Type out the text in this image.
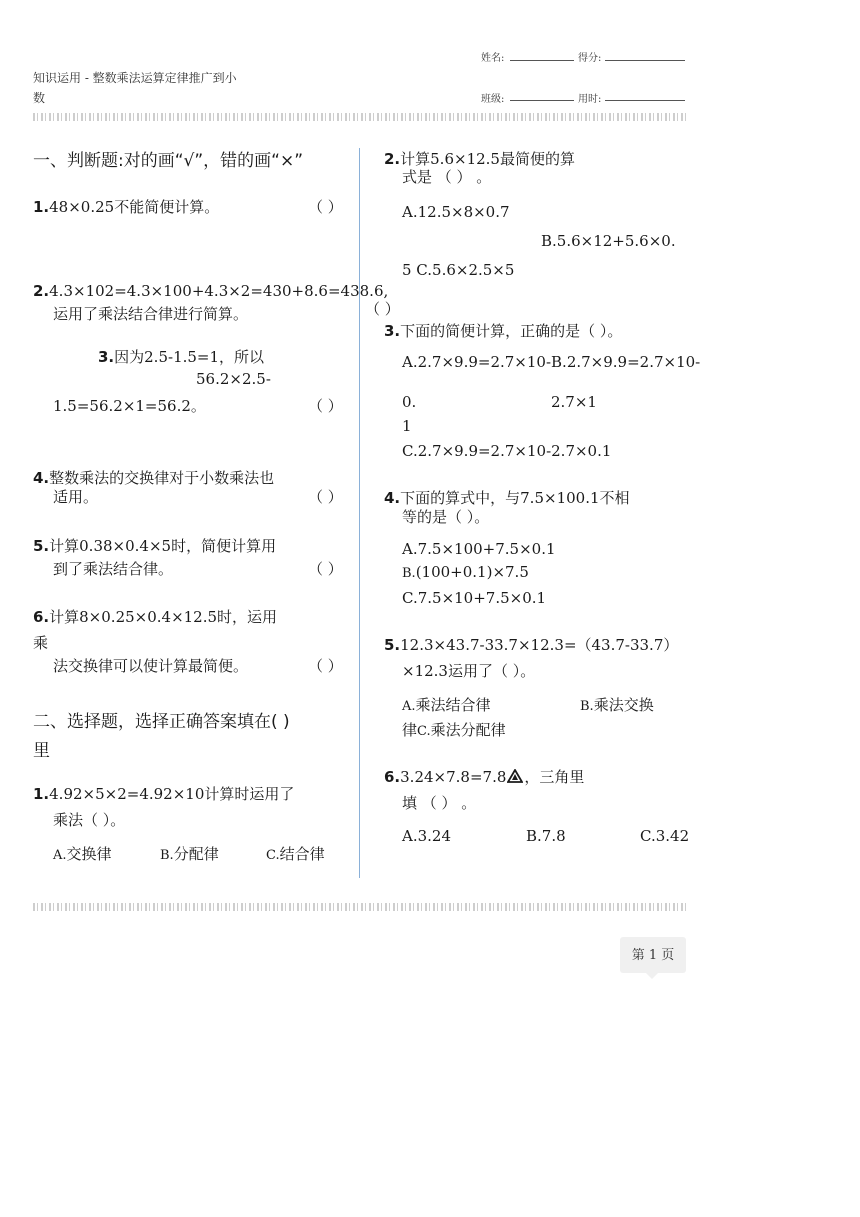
姓名:	得分:
知识运用 - 整数乘法运算定律推广到小
数	班级:	用时:
一、判断题:对的画“√”，错的画“×”
1.48×0.25不能简便计算。	（ ）
2.4.3×102=4.3×100+4.3×2=430+8.6=438.6,
（ ）
运用了乘法结合律进行简算。
3.因为2.5-1.5=1，所以
56.2×2.5-
1.5=56.2×1=56.2。	（ ）
4.整数乘法的交换律对于小数乘法也
适用。	（ ）
5.计算0.38×0.4×5时，简便计算用
到了乘法结合律。	（ ）
6.计算8×0.25×0.4×12.5时，运用
乘
法交换律可以使计算最简便。	（ ）
二、选择题，选择正确答案填在( )
里
1.4.92×5×2=4.92×10计算时运用了
乘法（ ）。
A.交换律	B.分配律	C.结合律
2.计算5.6×12.5最简便的算
式是 （ ） 。
A.12.5×8×0.7
B.5.6×12+5.6×0.
5 C.5.6×2.5×5
3.下面的简便计算，正确的是（ ）。
A.2.7×9.9=2.7×10-B.2.7×9.9=2.7×10-
0.	2.7×1
1
C.2.7×9.9=2.7×10-2.7×0.1
4.下面的算式中，与7.5×100.1不相
等的是（ ）。
A.7.5×100+7.5×0.1
B.(100+0.1)×7.5
C.7.5×10+7.5×0.1
5.12.3×43.7-33.7×12.3=（43.7-33.7）
×12.3运用了（ ）。
A.乘法结合律	B.乘法交换
律C.乘法分配律
6.3.24×7.8=7.8 ，三角里
填 （ ） 。
A.3.24	B.7.8	C.3.42
第 1 页
